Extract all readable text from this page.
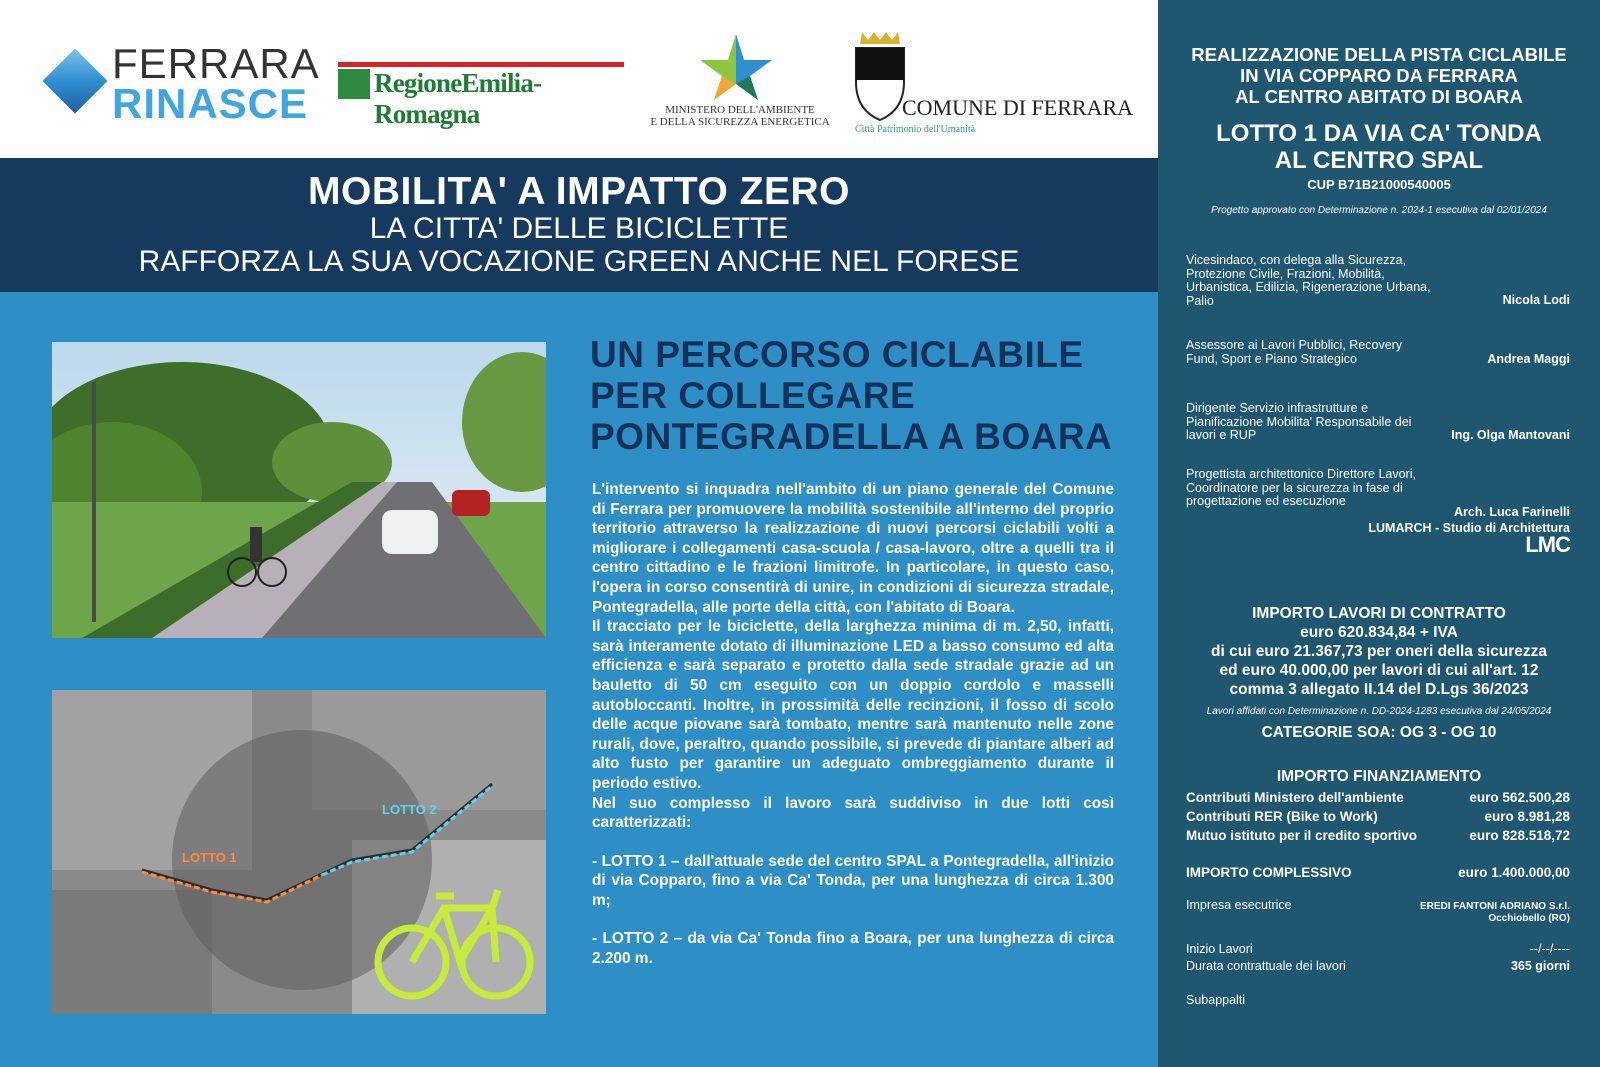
FERRARA
RINASCE RegioneEmilia-Romagna	MINISTERO DELL'AMBIENTE
E DELLA SICUREZZA ENERGETICA
COMUNE DI FERRARA
Città Patrimonio dell'Umanità
MOBILITA' A IMPATTO ZERO
LA CITTA' DELLE BICICLETTE
RAFFORZA LA SUA VOCAZIONE GREEN ANCHE NEL FORESE
LOTTO 1
LOTTO 2
UN PERCORSO CICLABILE
PER COLLEGARE
PONTEGRADELLA A BOARA

L'intervento si inquadra nell'ambito di un piano generale del Comune di Ferrara per promuovere la mobilità sostenibile all'interno del proprio territorio attraverso la realizzazione di nuovi percorsi ciclabili volti a migliorare i collegamenti casa-scuola / casa-lavoro, oltre a quelli tra il centro cittadino e le frazioni limitrofe. In particolare, in questo caso, l'opera in corso consentirà di unire, in condizioni di sicurezza stradale, Pontegradella, alle porte della città, con l'abitato di Boara.

Il tracciato per le biciclette, della larghezza minima di m. 2,50, infatti, sarà interamente dotato di illuminazione LED a basso consumo ed alta efficienza e sarà separato e protetto dalla sede stradale grazie ad un bauletto di 50 cm eseguito con un doppio cordolo e masselli autobloccanti. Inoltre, in prossimità delle recinzioni, il fosso di scolo delle acque piovane sarà tombato, mentre sarà mantenuto nelle zone rurali, dove, peraltro, quando possibile, si prevede di piantare alberi ad alto fusto per garantire un adeguato ombreggiamento durante il periodo estivo.

Nel suo complesso il lavoro sarà suddiviso in due lotti così caratterizzati:

- LOTTO 1 – dall'attuale sede del centro SPAL a Pontegradella, all'inizio di via Copparo, fino a via Ca' Tonda, per una lunghezza di circa 1.300 m;

- LOTTO 2 – da via Ca' Tonda fino a Boara, per una lunghezza di circa 2.200 m.

REALIZZAZIONE DELLA PISTA CICLABILE
IN VIA COPPARO DA FERRARA
AL CENTRO ABITATO DI BOARA
LOTTO 1 DA VIA CA' TONDA
AL CENTRO SPAL
CUP B71B21000540005
Progetto approvato con Determinazione n. 2024-1 esecutiva dal 02/01/2024
Vicesindaco, con delega alla Sicurezza, Protezione Civile, Frazioni, Mobilità, Urbanistica, Edilizia, Rigenerazione Urbana, Palio	Nicola Lodi
Assessore ai Lavori Pubblici, Recovery Fund, Sport e Piano Strategico	Andrea Maggi
Dirigente Servizio infrastrutture e Pianificazione Mobilita' Responsabile dei lavori e RUP	Ing. Olga Mantovani
Progettista architettonico Direttore Lavori, Coordinatore per la sicurezza in fase di progettazione ed esecuzione
Arch. Luca Farinelli
LUMARCH - Studio di Architettura
LMC
IMPORTO LAVORI DI CONTRATTO
euro 620.834,84 + IVA
di cui euro 21.367,73 per oneri della sicurezza
ed euro 40.000,00 per lavori di cui all'art. 12
comma 3 allegato II.14 del D.Lgs 36/2023
Lavori affidati con Determinazione n. DD-2024-1283 esecutiva dal 24/05/2024
CATEGORIE SOA: OG 3 - OG 10
IMPORTO FINANZIAMENTO
Contributi Ministero dell'ambiente	euro 562.500,28
Contributi RER (Bike to Work)	euro 8.981,28
Mutuo istituto per il credito sportivo	euro 828.518,72
IMPORTO COMPLESSIVO	euro 1.400.000,00
Impresa esecutrice	EREDI FANTONI ADRIANO S.r.l.
Occhiobello (RO)
Inizio Lavori	--/--/----
Durata contrattuale dei lavori	365 giorni
Subappalti
